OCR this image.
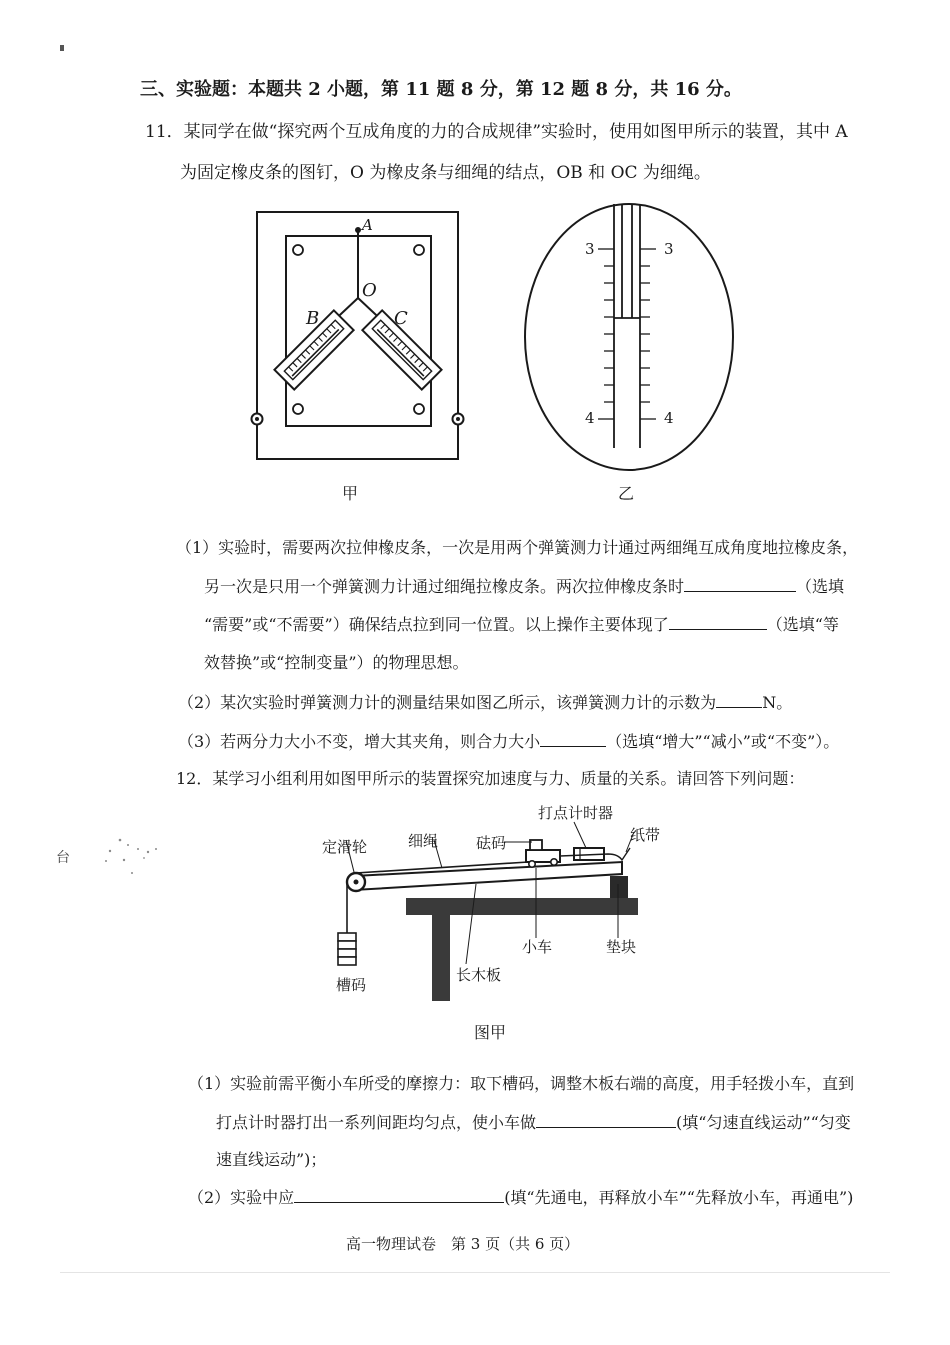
台
三、实验题：本题共 2 小题，第 11 题 8 分，第 12 题 8 分，共 16 分。
11．某同学在做“探究两个互成角度的力的合成规律”实验时，使用如图甲所示的装置，其中 A
为固定橡皮条的图钉，O 为橡皮条与细绳的结点，OB 和 OC 为细绳。
A
O
B	C
甲
3	3
4	4
乙
（1）实验时，需要两次拉伸橡皮条，一次是用两个弹簧测力计通过两细绳互成角度地拉橡皮条，
另一次是只用一个弹簧测力计通过细绳拉橡皮条。两次拉伸橡皮条时	（选填
“需要”或“不需要”）确保结点拉到同一位置。以上操作主要体现了	（选填“等
效替换”或“控制变量”）的物理思想。
（2）某次实验时弹簧测力计的测量结果如图乙所示，该弹簧测力计的示数为	N。
（3）若两分力大小不变，增大其夹角，则合力大小	（选填“增大”“减小”或“不变”）。
12．某学习小组利用如图甲所示的装置探究加速度与力、质量的关系。请回答下列问题：
打点计时器
纸带
定滑轮	细绳	砝码
小车	垫块
长木板
槽码
图甲
（1）实验前需平衡小车所受的摩擦力：取下槽码，调整木板右端的高度，用手轻拨小车，直到
打点计时器打出一系列间距均匀点，使小车做	(填“匀速直线运动”“匀变
速直线运动”)；
（2）实验中应	(填“先通电，再释放小车”“先释放小车，再通电”)
高一物理试卷　第 3 页（共 6 页）
